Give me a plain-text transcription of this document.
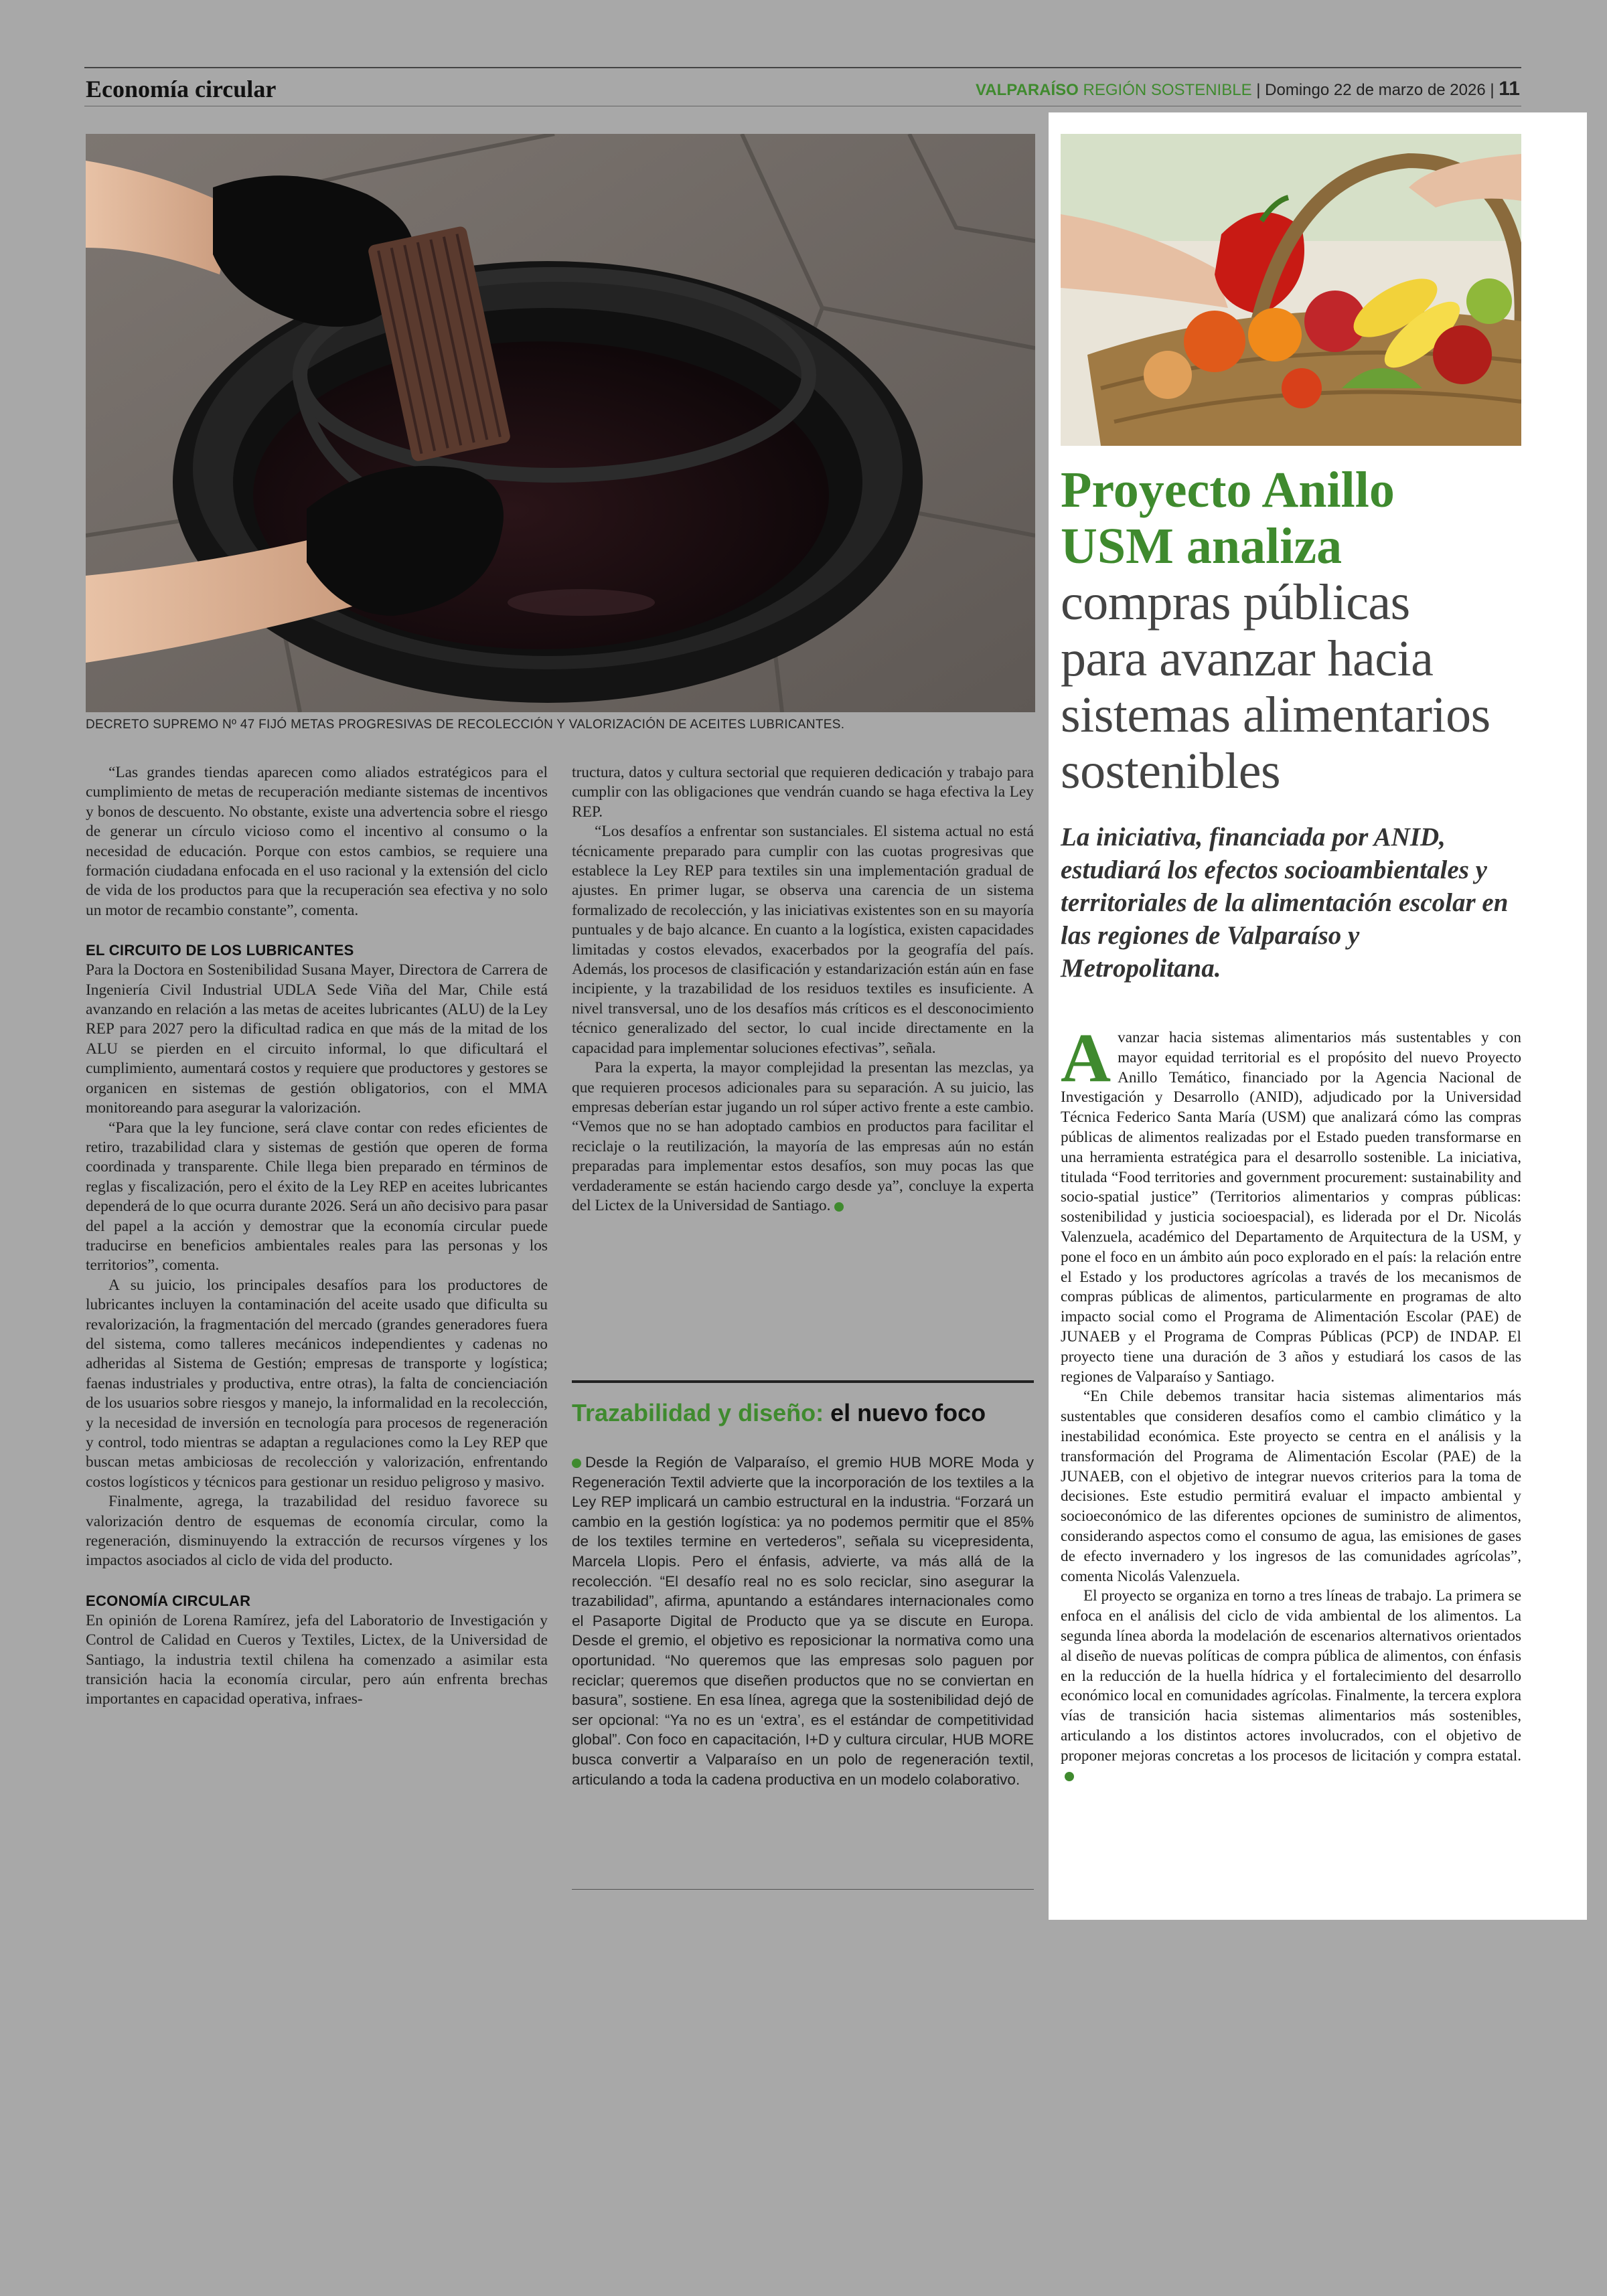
Economía circular	VALPARAÍSO REGIÓN SOSTENIBLE | Domingo 22 de marzo de 2026 | 11
DECRETO SUPREMO Nº 47 FIJÓ METAS PROGRESIVAS DE RECOLECCIÓN Y VALORIZACIÓN DE ACEITES LUBRICANTES.

“Las grandes tiendas aparecen como aliados estratégicos para el cumplimiento de metas de recuperación mediante sistemas de incentivos y bonos de descuento. No obstante, existe una advertencia sobre el riesgo de generar un círculo vicioso como el incentivo al consumo o la necesidad de educación. Porque con estos cambios, se requiere una formación ciudadana enfocada en el uso racional y la extensión del ciclo de vida de los productos para que la recuperación sea efectiva y no solo un motor de recambio constante”, comenta.

EL CIRCUITO DE LOS LUBRICANTES

Para la Doctora en Sostenibilidad Susana Mayer, Directora de Carrera de Ingeniería Civil Industrial UDLA Sede Viña del Mar, Chile está avanzando en relación a las metas de aceites lubricantes (ALU) de la Ley REP para 2027 pero la dificultad radica en que más de la mitad de los ALU se pierden en el circuito informal, lo que dificultará el cumplimiento, aumentará costos y requiere que productores y gestores se organicen en sistemas de gestión obligatorios, con el MMA monitoreando para asegurar la valorización.

“Para que la ley funcione, será clave contar con redes eficientes de retiro, trazabilidad clara y sistemas de gestión que operen de forma coordinada y transparente. Chile llega bien preparado en términos de reglas y fiscalización, pero el éxito de la Ley REP en aceites lubricantes dependerá de lo que ocurra durante 2026. Será un año decisivo para pasar del papel a la acción y demostrar que la economía circular puede traducirse en beneficios ambientales reales para las personas y los territorios”, comenta.

A su juicio, los principales desafíos para los productores de lubricantes incluyen la contaminación del aceite usado que dificulta su revalorización, la fragmentación del mercado (grandes generadores fuera del sistema, como talleres mecánicos independientes y cadenas no adheridas al Sistema de Gestión; empresas de transporte y logística; faenas industriales y productiva, entre otras), la falta de concienciación de los usuarios sobre riesgos y manejo, la informalidad en la recolección, y la necesidad de inversión en tecnología para procesos de regeneración y control, todo mientras se adaptan a regulaciones como la Ley REP que buscan metas ambiciosas de recolección y valorización, enfrentando costos logísticos y técnicos para gestionar un residuo peligroso y masivo.

Finalmente, agrega, la trazabilidad del residuo favorece su valorización dentro de esquemas de economía circular, como la regeneración, disminuyendo la extracción de recursos vírgenes y los impactos asociados al ciclo de vida del producto.

ECONOMÍA CIRCULAR

En opinión de Lorena Ramírez, jefa del Laboratorio de Investigación y Control de Calidad en Cueros y Textiles, Lictex, de la Universidad de Santiago, la industria textil chilena ha comenzado a asimilar esta transición hacia la economía circular, pero aún enfrenta brechas importantes en capacidad operativa, infraes-

tructura, datos y cultura sectorial que requieren dedicación y trabajo para cumplir con las obligaciones que vendrán cuando se haga efectiva la Ley REP.

“Los desafíos a enfrentar son sustanciales. El sistema actual no está técnicamente preparado para cumplir con las cuotas progresivas que establece la Ley REP para textiles sin una implementación gradual de ajustes. En primer lugar, se observa una carencia de un sistema formalizado de recolección, y las iniciativas existentes son en su mayoría puntuales y de bajo alcance. En cuanto a la logística, existen capacidades limitadas y costos elevados, exacerbados por la geografía del país. Además, los procesos de clasificación y estandarización están aún en fase incipiente, y la trazabilidad de los residuos textiles es insuficiente. A nivel transversal, uno de los desafíos más críticos es el desconocimiento técnico generalizado del sector, lo cual incide directamente en la capacidad para implementar soluciones efectivas”, señala.

Para la experta, la mayor complejidad la presentan las mezclas, ya que requieren procesos adicionales para su separación. A su juicio, las empresas deberían estar jugando un rol súper activo frente a este cambio. “Vemos que no se han adoptado cambios en productos para facilitar el reciclaje o la reutilización, la mayoría de las empresas aún no están preparadas para implementar estos desafíos, son muy pocas las que verdaderamente se están haciendo cargo desde ya”, concluye la experta del Lictex de la Universidad de Santiago.

Trazabilidad y diseño: el nuevo foco
Desde la Región de Valparaíso, el gremio HUB MORE Moda y Regeneración Textil advierte que la incorporación de los textiles a la Ley REP implicará un cambio estructural en la industria. “Forzará un cambio en la gestión logística: ya no podemos permitir que el 85% de los textiles termine en vertederos”, señala su vicepresidenta, Marcela Llopis. Pero el énfasis, advierte, va más allá de la recolección. “El desafío real no es solo reciclar, sino asegurar la trazabilidad”, afirma, apuntando a estándares internacionales como el Pasaporte Digital de Producto que ya se discute en Europa. Desde el gremio, el objetivo es reposicionar la normativa como una oportunidad. “No queremos que las empresas solo paguen por reciclar; queremos que diseñen productos que no se conviertan en basura”, sostiene. En esa línea, agrega que la sostenibilidad dejó de ser opcional: “Ya no es un ‘extra’, es el estándar de competitividad global”. Con foco en capacitación, I+D y cultura circular, HUB MORE busca convertir a Valparaíso en un polo de regeneración textil, articulando a toda la cadena productiva en un modelo colaborativo.
Proyecto Anillo
USM analiza
compras públicas
para avanzar hacia
sistemas alimentarios
sostenibles
La iniciativa, financiada por ANID, estudiará los efectos socioambientales y territoriales de la alimentación escolar en las regiones de Valparaíso y Metropolitana.

Avanzar hacia sistemas alimentarios más sustentables y con mayor equidad territorial es el propósito del nuevo Proyecto Anillo Temático, financiado por la Agencia Nacional de Investigación y Desarrollo (ANID), adjudicado por la Universidad Técnica Federico Santa María (USM) que analizará cómo las compras públicas de alimentos realizadas por el Estado pueden transformarse en una herramienta estratégica para el desarrollo sostenible. La iniciativa, titulada “Food territories and government procurement: sustainability and socio-spatial justice” (Territorios alimentarios y compras públicas: sostenibilidad y justicia socioespacial), es liderada por el Dr. Nicolás Valenzuela, académico del Departamento de Arquitectura de la USM, y pone el foco en un ámbito aún poco explorado en el país: la relación entre el Estado y los productores agrícolas a través de los mecanismos de compras públicas de alimentos, particularmente en programas de alto impacto social como el Programa de Alimentación Escolar (PAE) de JUNAEB y el Programa de Compras Públicas (PCP) de INDAP. El proyecto tiene una duración de 3 años y estudiará los casos de las regiones de Valparaíso y Santiago.

“En Chile debemos transitar hacia sistemas alimentarios más sustentables que consideren desafíos como el cambio climático y la inestabilidad económica. Este proyecto se centra en el análisis y la transformación del Programa de Alimentación Escolar (PAE) de la JUNAEB, con el objetivo de integrar nuevos criterios para la toma de decisiones. Este estudio permitirá evaluar el impacto ambiental y socioeconómico de las diferentes opciones de suministro de alimentos, considerando aspectos como el consumo de agua, las emisiones de gases de efecto invernadero y los ingresos de las comunidades agrícolas”, comenta Nicolás Valenzuela.

El proyecto se organiza en torno a tres líneas de trabajo. La primera se enfoca en el análisis del ciclo de vida ambiental de los alimentos. La segunda línea aborda la modelación de escenarios alternativos orientados al diseño de nuevas políticas de compra pública de alimentos, con énfasis en la reducción de la huella hídrica y el fortalecimiento del desarrollo económico local en comunidades agrícolas. Finalmente, la tercera explora vías de transición hacia sistemas alimentarios más sostenibles, articulando a los distintos actores involucrados, con el objetivo de proponer mejoras concretas a los procesos de licitación y compra estatal.
